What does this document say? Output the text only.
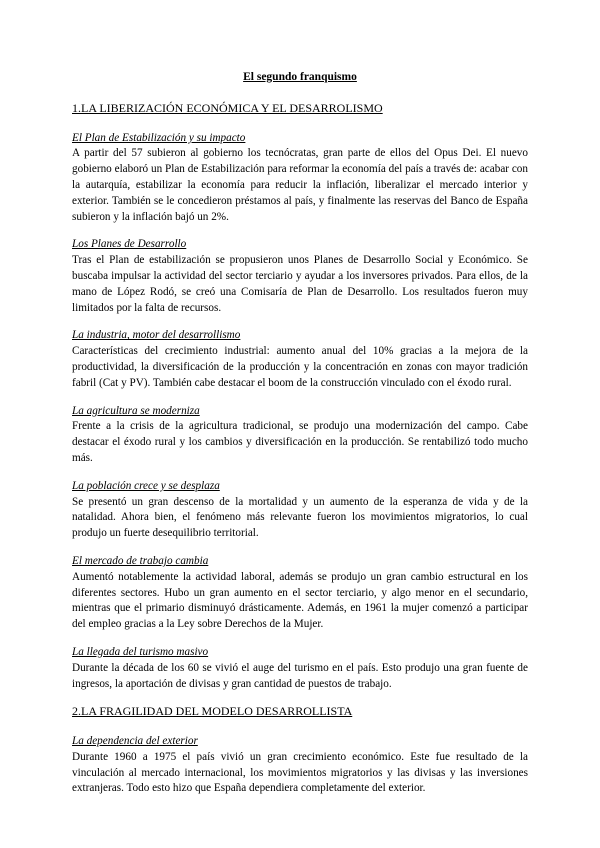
El segundo franquismo
1.LA LIBERIZACIÓN ECONÓMICA Y EL DESARROLISMO
El Plan de Estabilización y su impacto
A partir del 57 subieron al gobierno los tecnócratas, gran parte de ellos del Opus Dei. El nuevo gobierno elaboró un Plan de Estabilización para reformar la economía del país a través de: acabar con la autarquía, estabilizar la economía para reducir la inflación, liberalizar el mercado interior y exterior. También se le concedieron préstamos al país, y finalmente las reservas del Banco de España subieron y la inflación bajó un 2%.
Los Planes de Desarrollo
Tras el Plan de estabilización se propusieron unos Planes de Desarrollo Social y Económico. Se buscaba impulsar la actividad del sector terciario y ayudar a los inversores privados. Para ellos, de la mano de López Rodó, se creó una Comisaría de Plan de Desarrollo. Los resultados fueron muy limitados por la falta de recursos.
La industria, motor del desarrollismo
Características del crecimiento industrial: aumento anual del 10% gracias a la mejora de la productividad, la diversificación de la producción y la concentración en zonas con mayor tradición fabril (Cat y PV). También cabe destacar el boom de la construcción vinculado con el éxodo rural.
La agricultura se moderniza
Frente a la crisis de la agricultura tradicional, se produjo una modernización del campo. Cabe destacar el éxodo rural y los cambios y diversificación en la producción. Se rentabilizó todo mucho más.
La población crece y se desplaza
Se presentó un gran descenso de la mortalidad y un aumento de la esperanza de vida y de la natalidad. Ahora bien, el fenómeno más relevante fueron los movimientos migratorios, lo cual produjo un fuerte desequilibrio territorial.
El mercado de trabajo cambia
Aumentó notablemente la actividad laboral, además se produjo un gran cambio estructural en los diferentes sectores. Hubo un gran aumento en el sector terciario, y algo menor en el secundario, mientras que el primario disminuyó drásticamente. Además, en 1961 la mujer comenzó a participar del empleo gracias a la Ley sobre Derechos de la Mujer.
La llegada del turismo masivo
Durante la década de los 60 se vivió el auge del turismo en el país. Esto produjo una gran fuente de ingresos, la aportación de divisas y gran cantidad de puestos de trabajo.
2.LA FRAGILIDAD DEL MODELO DESARROLLISTA
La dependencia del exterior
Durante 1960 a 1975 el país vivió un gran crecimiento económico. Este fue resultado de la vinculación al mercado internacional, los movimientos migratorios y las divisas y las inversiones extranjeras. Todo esto hizo que España dependiera completamente del exterior.
